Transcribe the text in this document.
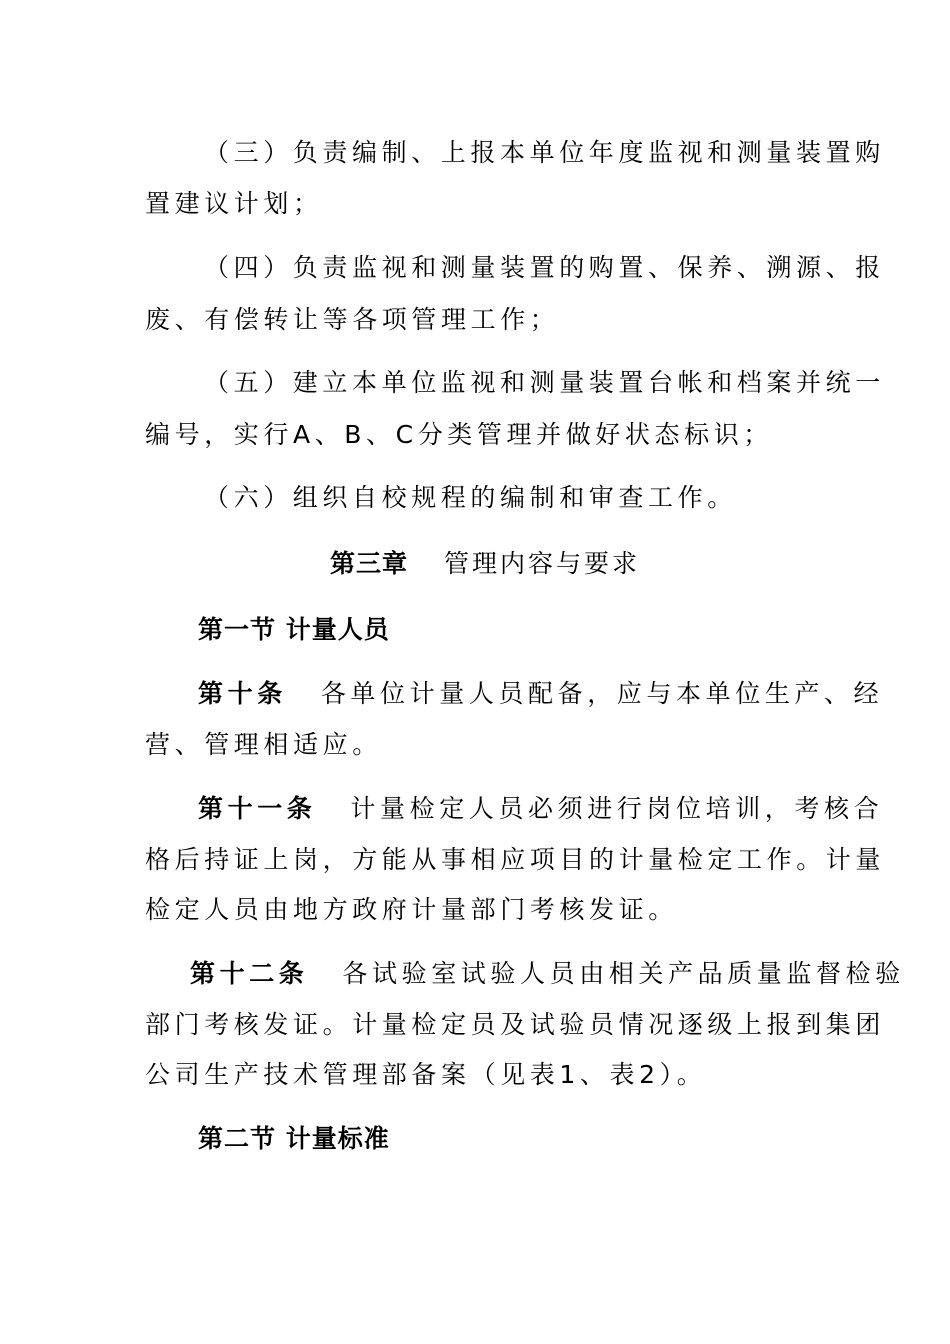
（三）负责编制、上报本单位年度监视和测量装置购
置建议计划；
（四）负责监视和测量装置的购置、保养、溯源、报
废、有偿转让等各项管理工作；
（五）建立本单位监视和测量装置台帐和档案并统一
编号，实行A、B、C分类管理并做好状态标识；
（六）组织自校规程的编制和审查工作。
第三章 管理内容与要求
第一节 计量人员
第十条 各单位计量人员配备，应与本单位生产、经
营、管理相适应。
第十一条 计量检定人员必须进行岗位培训，考核合
格后持证上岗，方能从事相应项目的计量检定工作。计量
检定人员由地方政府计量部门考核发证。
第十二条 各试验室试验人员由相关产品质量监督检验
部门考核发证。计量检定员及试验员情况逐级上报到集团
公司生产技术管理部备案（见表1、表2）。
第二节 计量标准
